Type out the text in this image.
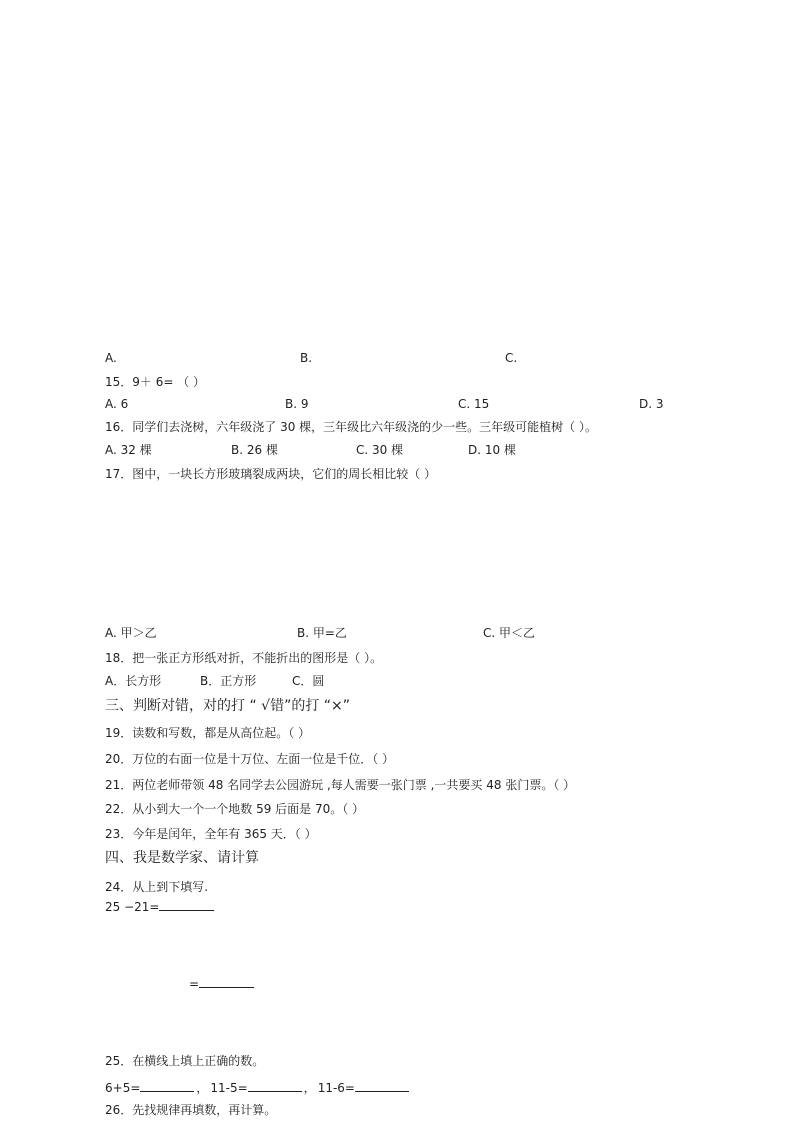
A.	B.	C.
15．9＋ 6= （ ）
A. 6	B. 9	C. 15	D. 3
16．同学们去浇树，六年级浇了 30 棵，三年级比六年级浇的少一些。三年级可能植树（ ）。
A. 32 棵	B. 26 棵	C. 30 棵	D. 10 棵
17．图中，一块长方形玻璃裂成两块，它们的周长相比较（ ）
A. 甲＞乙	B. 甲=乙	C. 甲＜乙
18．把一张正方形纸对折，不能折出的图形是（ ）。
A．长方形	B．正方形	C．圆
三、判断对错，对的打 “ √错”的打 “×”
19．读数和写数，都是从高位起。（ ）
20．万位的右面一位是十万位、左面一位是千位．（ ）
21．两位老师带领 48 名同学去公园游玩 ,每人需要一张门票 ,一共要买 48 张门票。（ ）
22．从小到大一个一个地数 59 后面是 70。（ ）
23．今年是闰年，全年有 365 天．（ ）
四、我是数学家、请计算
24．从上到下填写.
25 −21=
=
25．在横线上填上正确的数。
6+5=	， 11-5=	， 11-6=
26．先找规律再填数，再计算。
